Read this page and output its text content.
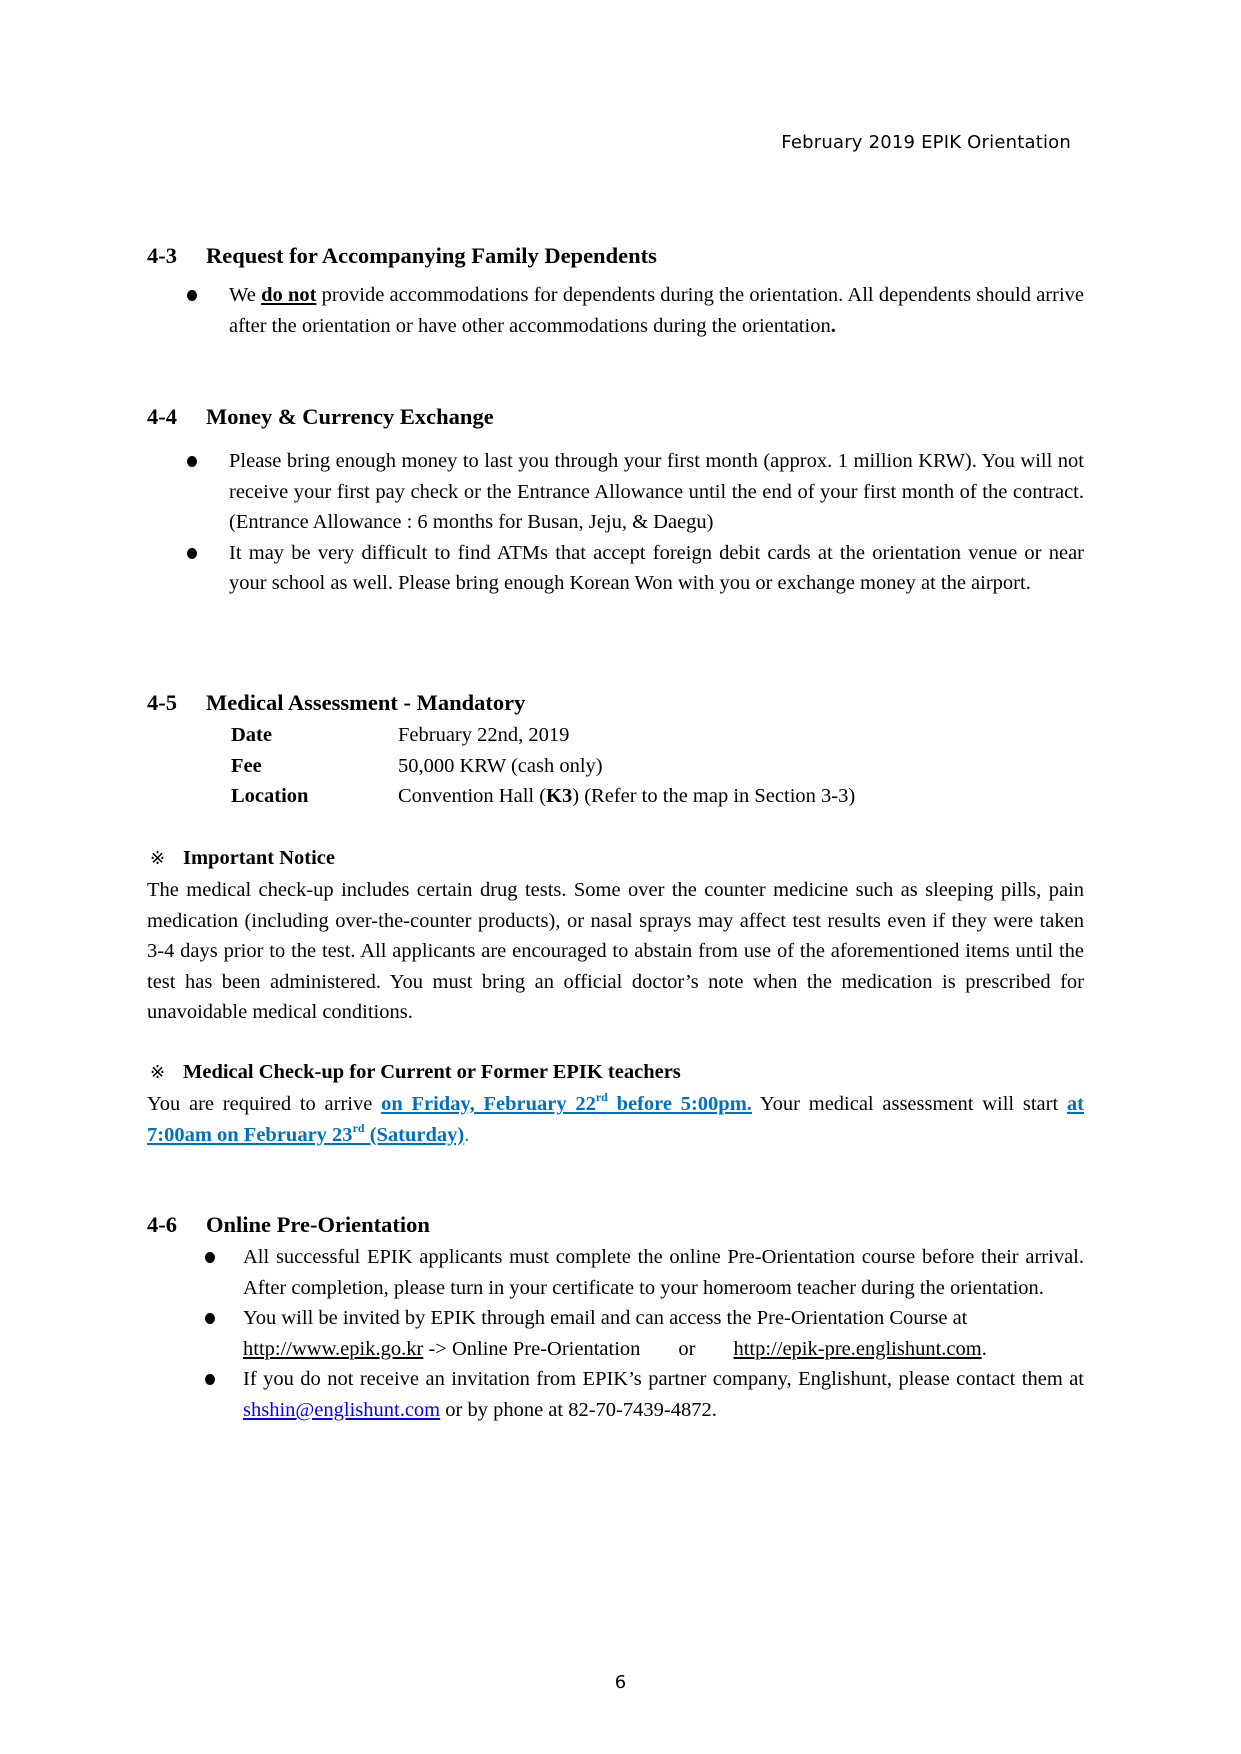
February 2019 EPIK Orientation
4-3 Request for Accompanying Family Dependents
We do not provide accommodations for dependents during the orientation. All dependents should arrive after the orientation or have other accommodations during the orientation.
4-4 Money & Currency Exchange
Please bring enough money to last you through your first month (approx. 1 million KRW). You will not receive your first pay check or the Entrance Allowance until the end of your first month of the contract. (Entrance Allowance : 6 months for Busan, Jeju, & Daegu)
It may be very difficult to find ATMs that accept foreign debit cards at the orientation venue or near your school as well. Please bring enough Korean Won with you or exchange money at the airport.
4-5 Medical Assessment - Mandatory
Date	February 22nd, 2019
Fee	50,000 KRW (cash only)
Location	Convention Hall (K3) (Refer to the map in Section 3-3)
※ Important Notice
The medical check-up includes certain drug tests. Some over the counter medicine such as sleeping pills, pain medication (including over-the-counter products), or nasal sprays may affect test results even if they were taken 3-4 days prior to the test. All applicants are encouraged to abstain from use of the aforementioned items until the test has been administered. You must bring an official doctor’s note when the medication is prescribed for unavoidable medical conditions.
※ Medical Check-up for Current or Former EPIK teachers
You are required to arrive on Friday, February 22rd before 5:00pm. Your medical assessment will start at 7:00am on February 23rd (Saturday).
4-6 Online Pre-Orientation
All successful EPIK applicants must complete the online Pre-Orientation course before their arrival. After completion, please turn in your certificate to your homeroom teacher during the orientation.
You will be invited by EPIK through email and can access the Pre-Orientation Course at
http://www.epik.go.kr -> Online Pre-Orientation or http://epik-pre.englishunt.com.
If you do not receive an invitation from EPIK’s partner company, Englishunt, please contact them at shshin@englishunt.com or by phone at 82-70-7439-4872.
6
